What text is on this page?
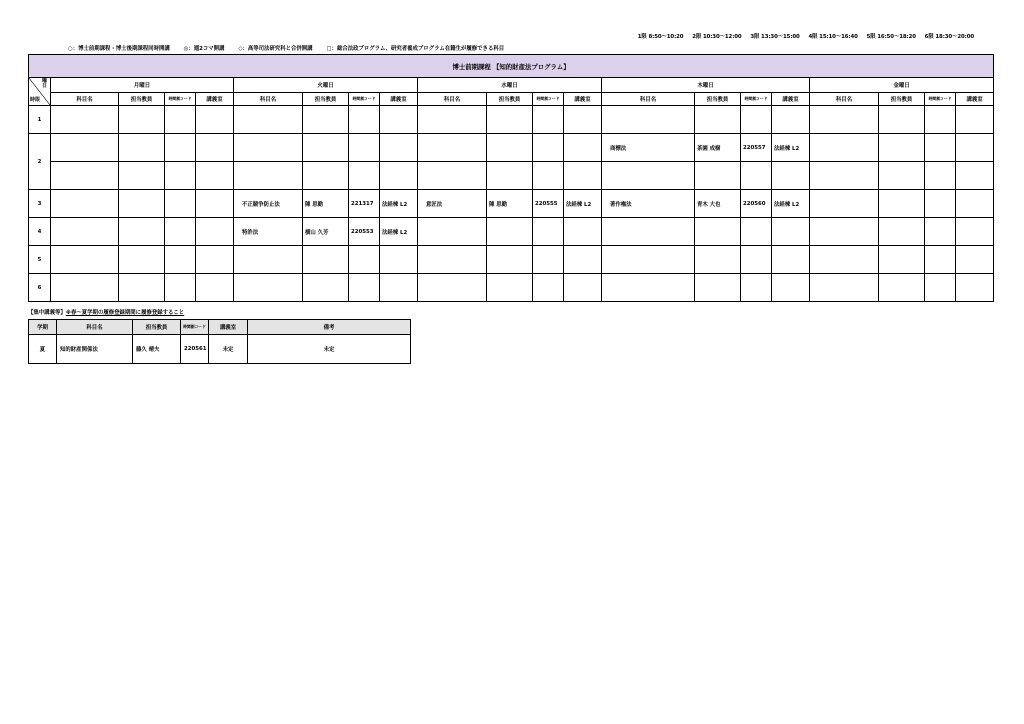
1限 8:50〜10:20 2限 10:30〜12:00 3限 13:30〜15:00 4限 15:10〜16:40 5限 16:50〜18:20 6限 18:30〜20:00
○：博士前期課程・博士後期課程同時開講	◎：週2コマ開講	◇：高等司法研究科と合併開講	□：総合法政プログラム、研究者養成プログラム在籍生が履修できる科目
博士前期課程 【知的財産法プログラム】																				

曜
日
時限	月曜日				火曜日				水曜日				木曜日				金曜日			
	科目名	担当教員	時間割コード	講義室	科目名	担当教員	時間割コード	講義室	科目名	担当教員	時間割コード	講義室	科目名	担当教員	時間割コード	講義室	科目名	担当教員	時間割コード	講義室
1																				
2													商標法	茶園 成樹	220557	法経棟 L2				

3					不正競争防止法	陳 思勤	221317	法経棟 L2	意匠法	陳 思勤	220555	法経棟 L2	著作権法	青木 大也	220560	法経棟 L2				
4					特許法	横山 久芳	220553	法経棟 L2												
5																				
6																				
【集中講義等】※春〜夏学期の履修登録期間に履修登録すること
学期	科目名	担当教員	時間割コード	講義室	備考
夏	知的財産関係法	藤久 晴夫	220561	未定	未定
